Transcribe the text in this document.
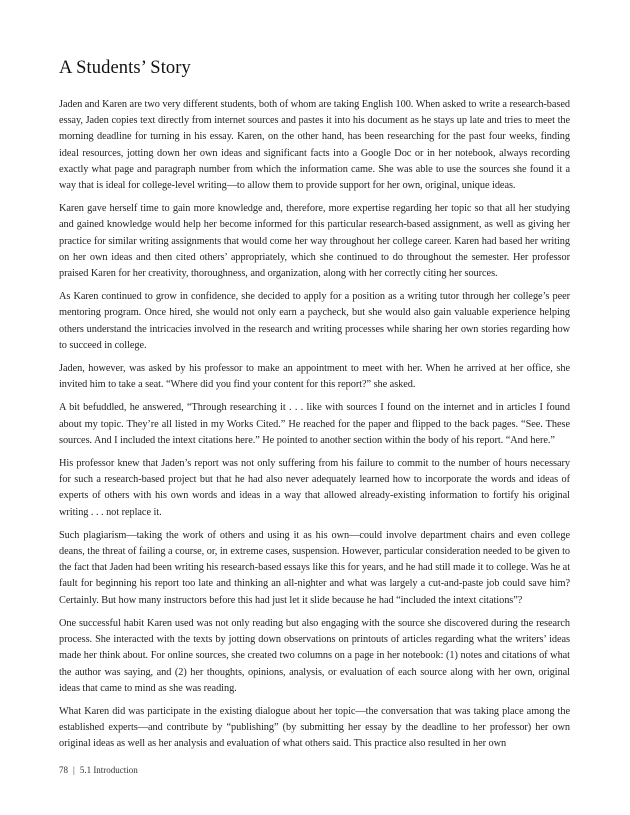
A Students’ Story

Jaden and Karen are two very different students, both of whom are taking English 100. When asked to write a research-based essay, Jaden copies text directly from internet sources and pastes it into his document as he stays up late and tries to meet the morning deadline for turning in his essay. Karen, on the other hand, has been researching for the past four weeks, finding ideal resources, jotting down her own ideas and significant facts into a Google Doc or in her notebook, always recording exactly what page and paragraph number from which the information came. She was able to use the sources she found it a way that is ideal for college-level writing—to allow them to provide support for her own, original, unique ideas.

Karen gave herself time to gain more knowledge and, therefore, more expertise regarding her topic so that all her studying and gained knowledge would help her become informed for this particular research-based assignment, as well as giving her practice for similar writing assignments that would come her way throughout her college career. Karen had based her writing on her own ideas and then cited others’ appropriately, which she continued to do throughout the semester. Her professor praised Karen for her creativity, thoroughness, and organization, along with her correctly citing her sources.

As Karen continued to grow in confidence, she decided to apply for a position as a writing tutor through her college’s peer mentoring program. Once hired, she would not only earn a paycheck, but she would also gain valuable experience helping others understand the intricacies involved in the research and writing processes while sharing her own stories regarding how to succeed in college.

Jaden, however, was asked by his professor to make an appointment to meet with her. When he arrived at her office, she invited him to take a seat. “Where did you find your content for this report?” she asked.

A bit befuddled, he answered, “Through researching it . . . like with sources I found on the internet and in articles I found about my topic. They’re all listed in my Works Cited.” He reached for the paper and flipped to the back pages. “See. These sources. And I included the intext citations here.” He pointed to another section within the body of his report. “And here.”

His professor knew that Jaden’s report was not only suffering from his failure to commit to the number of hours necessary for such a research-based project but that he had also never adequately learned how to incorporate the words and ideas of experts of others with his own words and ideas in a way that allowed already-existing information to fortify his original writing . . . not replace it.

Such plagiarism—taking the work of others and using it as his own—could involve department chairs and even college deans, the threat of failing a course, or, in extreme cases, suspension. However, particular consideration needed to be given to the fact that Jaden had been writing his research-based essays like this for years, and he had still made it to college. Was he at fault for beginning his report too late and thinking an all-nighter and what was largely a cut-and-paste job could save him? Certainly. But how many instructors before this had just let it slide because he had “included the intext citations”?

One successful habit Karen used was not only reading but also engaging with the source she discovered during the research process. She interacted with the texts by jotting down observations on printouts of articles regarding what the writers’ ideas made her think about. For online sources, she created two columns on a page in her notebook: (1) notes and citations of what the author was saying, and (2) her thoughts, opinions, analysis, or evaluation of each source along with her own, original ideas that came to mind as she was reading.

What Karen did was participate in the existing dialogue about her topic—the conversation that was taking place among the established experts—and contribute by “publishing” (by submitting her essay by the deadline to her professor) her own original ideas as well as her analysis and evaluation of what others said. This practice also resulted in her own

78 | 5.1 Introduction
